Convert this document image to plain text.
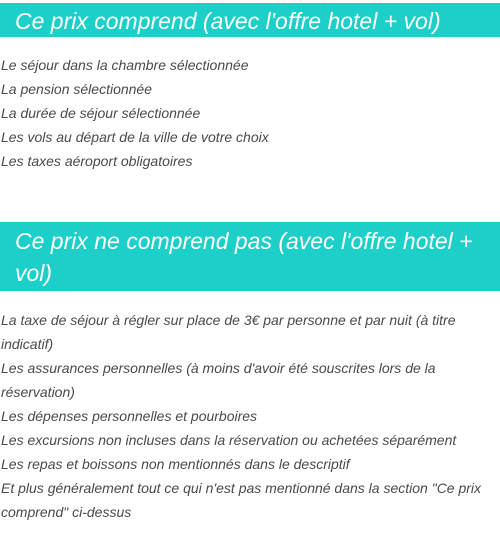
Ce prix comprend (avec l'offre hotel + vol)
Le séjour dans la chambre sélectionnée
La pension sélectionnée
La durée de séjour sélectionnée
Les vols au départ de la ville de votre choix
Les taxes aéroport obligatoires
Ce prix ne comprend pas (avec l'offre hotel + vol)
La taxe de séjour à régler sur place de 3€ par personne et par nuit (à titre indicatif)
Les assurances personnelles (à moins d'avoir été souscrites lors de la réservation)
Les dépenses personnelles et pourboires
Les excursions non incluses dans la réservation ou achetées séparément
Les repas et boissons non mentionnés dans le descriptif
Et plus généralement tout ce qui n'est pas mentionné dans la section "Ce prix comprend" ci-dessus
